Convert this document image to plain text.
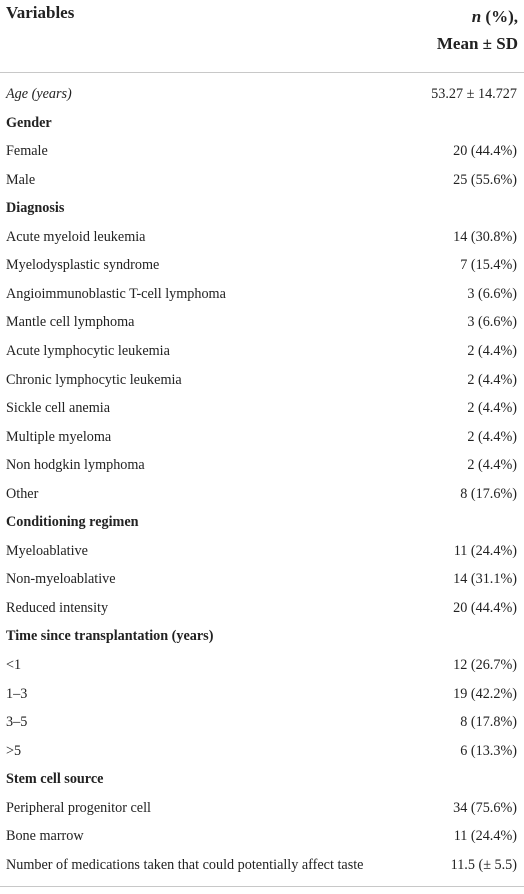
Variables	n (%),
Mean ± SD
Age (years)	53.27 ± 14.727
Gender
Female	20 (44.4%)
Male	25 (55.6%)
Diagnosis
Acute myeloid leukemia	14 (30.8%)
Myelodysplastic syndrome	7 (15.4%)
Angioimmunoblastic T-cell lymphoma	3 (6.6%)
Mantle cell lymphoma	3 (6.6%)
Acute lymphocytic leukemia	2 (4.4%)
Chronic lymphocytic leukemia	2 (4.4%)
Sickle cell anemia	2 (4.4%)
Multiple myeloma	2 (4.4%)
Non hodgkin lymphoma	2 (4.4%)
Other	8 (17.6%)
Conditioning regimen
Myeloablative	11 (24.4%)
Non-myeloablative	14 (31.1%)
Reduced intensity	20 (44.4%)
Time since transplantation (years)
<1	12 (26.7%)
1–3	19 (42.2%)
3–5	8 (17.8%)
>5	6 (13.3%)
Stem cell source
Peripheral progenitor cell	34 (75.6%)
Bone marrow	11 (24.4%)
Number of medications taken that could potentially affect taste	11.5 (± 5.5)
